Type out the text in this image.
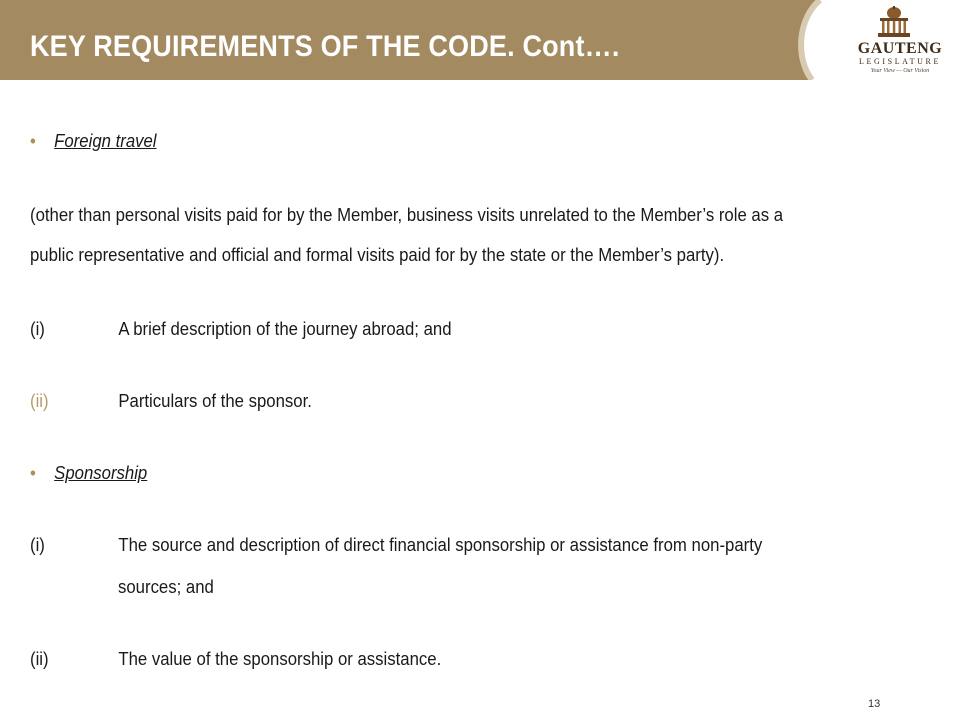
KEY REQUIREMENTS OF THE CODE. Cont….	GAUTENG
LEGISLATURE
Your View — Our Vision
• Foreign travel
(other than personal visits paid for by the Member, business visits unrelated to the Member’s role as a
public representative and official and formal visits paid for by the state or the Member’s party).
(i)	A brief description of the journey abroad; and
(ii)	Particulars of the sponsor.
• Sponsorship
(i)	The source and description of direct financial sponsorship or assistance from non-party
sources; and
(ii)	The value of the sponsorship or assistance.
13
